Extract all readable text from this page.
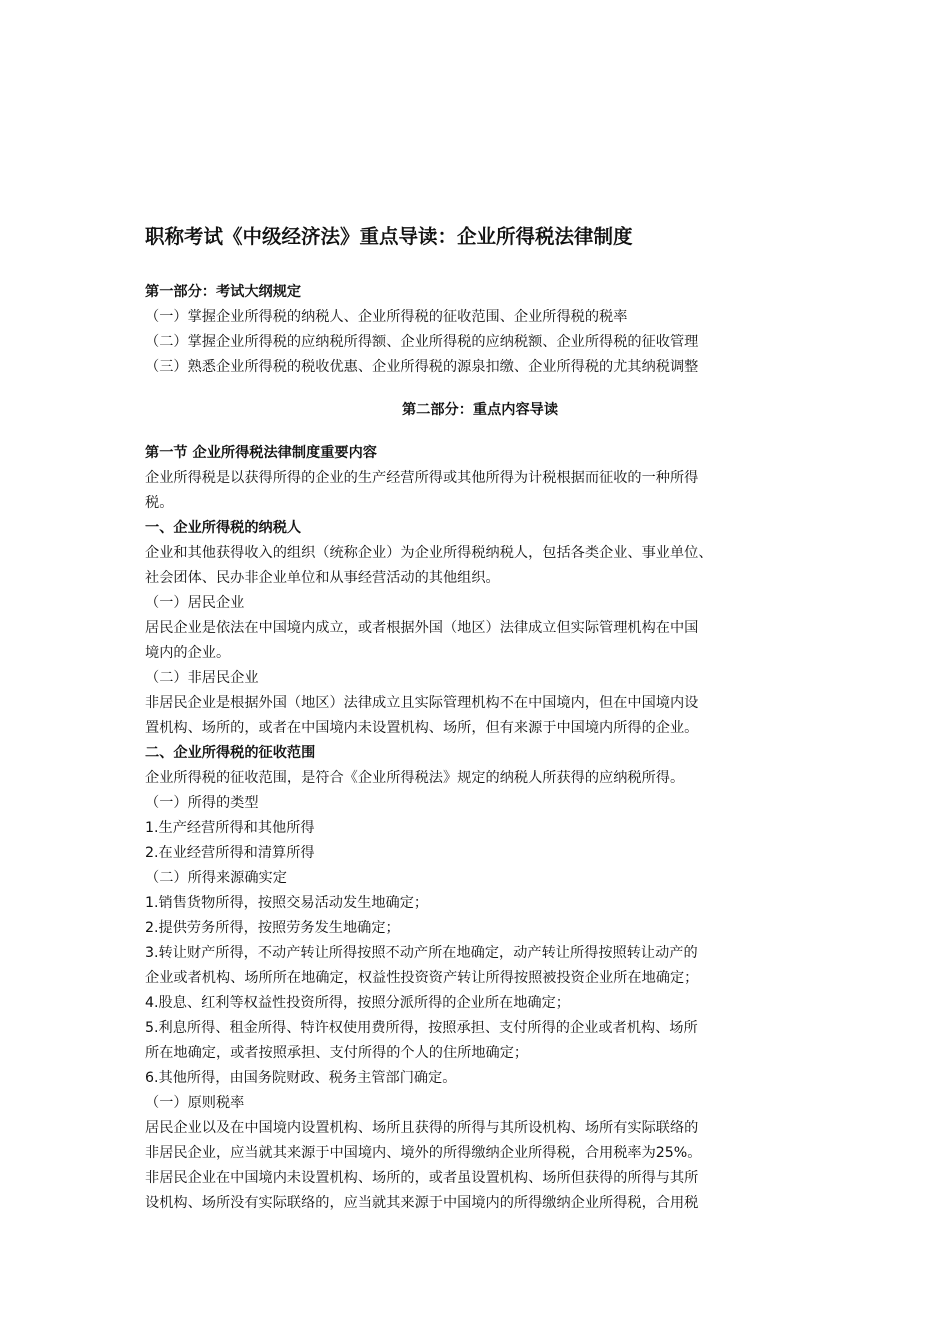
职称考试《中级经济法》重点导读：企业所得税法律制度

第一部分：考试大纲规定

（一）掌握企业所得税的纳税人、企业所得税的征收范围、企业所得税的税率

（二）掌握企业所得税的应纳税所得额、企业所得税的应纳税额、企业所得税的征收管理

（三）熟悉企业所得税的税收优惠、企业所得税的源泉扣缴、企业所得税的尤其纳税调整

第二部分：重点内容导读

第一节 企业所得税法律制度重要内容

企业所得税是以获得所得的企业的生产经营所得或其他所得为计税根据而征收的一种所得

税。

一、企业所得税的纳税人

企业和其他获得收入的组织（统称企业）为企业所得税纳税人，包括各类企业、事业单位、

社会团体、民办非企业单位和从事经营活动的其他组织。

（一）居民企业

居民企业是依法在中国境内成立，或者根据外国（地区）法律成立但实际管理机构在中国

境内的企业。

（二）非居民企业

非居民企业是根据外国（地区）法律成立且实际管理机构不在中国境内，但在中国境内设

置机构、场所的，或者在中国境内未设置机构、场所，但有来源于中国境内所得的企业。

二、企业所得税的征收范围

企业所得税的征收范围，是符合《企业所得税法》规定的纳税人所获得的应纳税所得。

（一）所得的类型

1.生产经营所得和其他所得

2.在业经营所得和清算所得

（二）所得来源确实定

1.销售货物所得，按照交易活动发生地确定；

2.提供劳务所得，按照劳务发生地确定；

3.转让财产所得，不动产转让所得按照不动产所在地确定，动产转让所得按照转让动产的

企业或者机构、场所所在地确定，权益性投资资产转让所得按照被投资企业所在地确定；

4.股息、红利等权益性投资所得，按照分派所得的企业所在地确定；

5.利息所得、租金所得、特许权使用费所得，按照承担、支付所得的企业或者机构、场所

所在地确定，或者按照承担、支付所得的个人的住所地确定；

6.其他所得，由国务院财政、税务主管部门确定。

（一）原则税率

居民企业以及在中国境内设置机构、场所且获得的所得与其所设机构、场所有实际联络的

非居民企业，应当就其来源于中国境内、境外的所得缴纳企业所得税，合用税率为25%。

非居民企业在中国境内未设置机构、场所的，或者虽设置机构、场所但获得的所得与其所

设机构、场所没有实际联络的，应当就其来源于中国境内的所得缴纳企业所得税，合用税
